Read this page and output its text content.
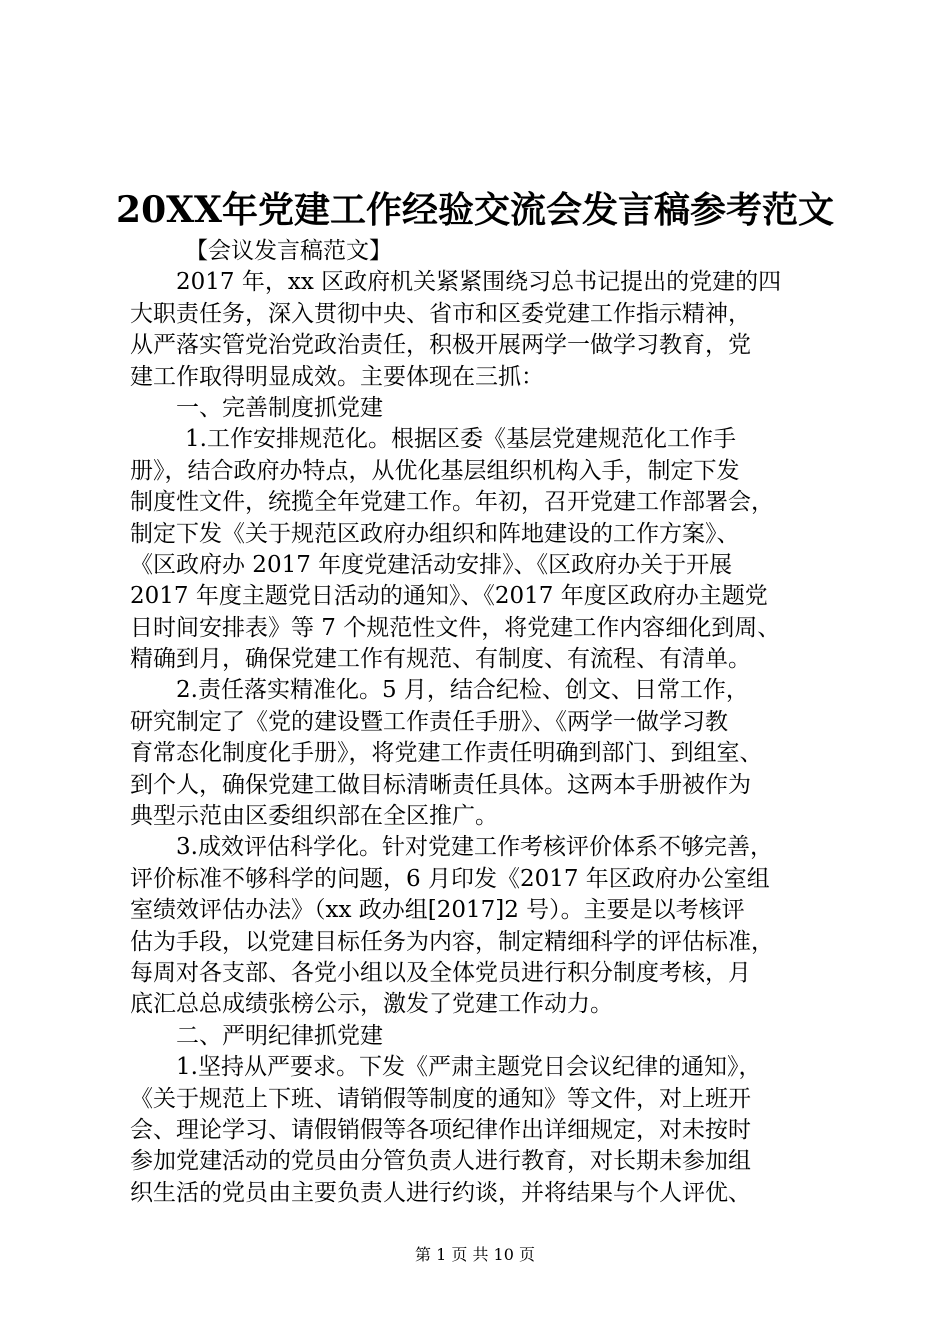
20XX年党建工作经验交流会发言稿参考范文
【会议发言稿范文】
2017 年，xx 区政府机关紧紧围绕习总书记提出的党建的四
大职责任务，深入贯彻中央、省市和区委党建工作指示精神，
从严落实管党治党政治责任，积极开展两学一做学习教育，党
建工作取得明显成效。主要体现在三抓：
一、完善制度抓党建
1.工作安排规范化。根据区委《基层党建规范化工作手
册》，结合政府办特点，从优化基层组织机构入手，制定下发
制度性文件，统揽全年党建工作。年初，召开党建工作部署会，
制定下发《关于规范区政府办组织和阵地建设的工作方案》、
《区政府办 2017 年度党建活动安排》、《区政府办关于开展
2017 年度主题党日活动的通知》、《2017 年度区政府办主题党
日时间安排表》等 7 个规范性文件，将党建工作内容细化到周、
精确到月，确保党建工作有规范、有制度、有流程、有清单。
2.责任落实精准化。5 月，结合纪检、创文、日常工作，
研究制定了《党的建设暨工作责任手册》、《两学一做学习教
育常态化制度化手册》，将党建工作责任明确到部门、到组室、
到个人，确保党建工做目标清晰责任具体。这两本手册被作为
典型示范由区委组织部在全区推广。
3.成效评估科学化。针对党建工作考核评价体系不够完善，
评价标准不够科学的问题，6 月印发《2017 年区政府办公室组
室绩效评估办法》（xx 政办组[2017]2 号）。主要是以考核评
估为手段，以党建目标任务为内容，制定精细科学的评估标准，
每周对各支部、各党小组以及全体党员进行积分制度考核，月
底汇总总成绩张榜公示，激发了党建工作动力。
二、严明纪律抓党建
1.坚持从严要求。下发《严肃主题党日会议纪律的通知》，
《关于规范上下班、请销假等制度的通知》等文件，对上班开
会、理论学习、请假销假等各项纪律作出详细规定，对未按时
参加党建活动的党员由分管负责人进行教育，对长期未参加组
织生活的党员由主要负责人进行约谈，并将结果与个人评优、
第 1 页 共 10 页
